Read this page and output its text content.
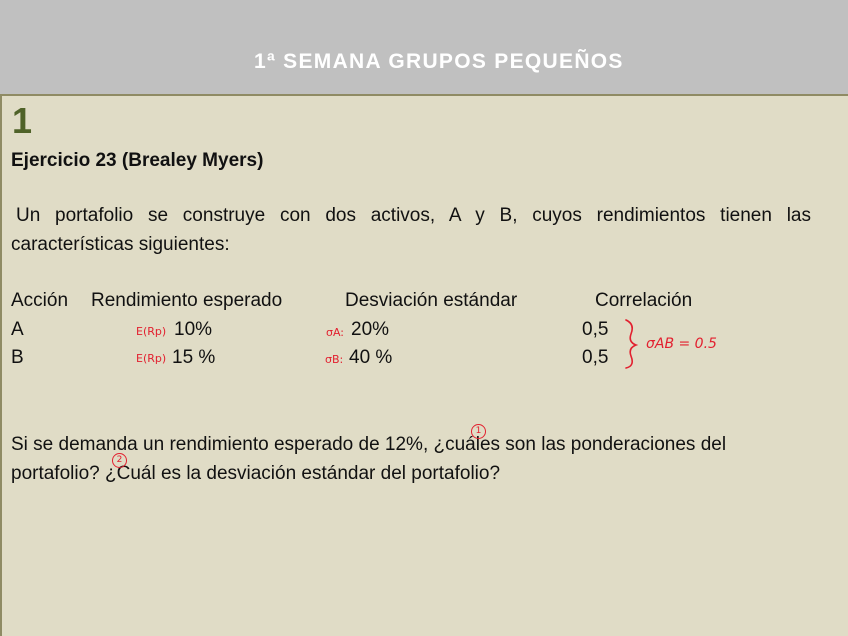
1ª SEMANA GRUPOS PEQUEÑOS
1
Ejercicio 23 (Brealey Myers)
Un portafolio se construye con dos activos, A y B, cuyos rendimientos tienen las características siguientes:
Acción Rendimiento esperado	Desviación estándar	Correlación
A	10%	20%	0,5
B	15 %	40 %	0,5
Si se demanda un rendimiento esperado de 12%, ¿cuáles son las ponderaciones del portafolio? ¿Cuál es la desviación estándar del portafolio?
E(Rp)
E(Rp)
σA:
σB:
σAB = 0.5
1
2
